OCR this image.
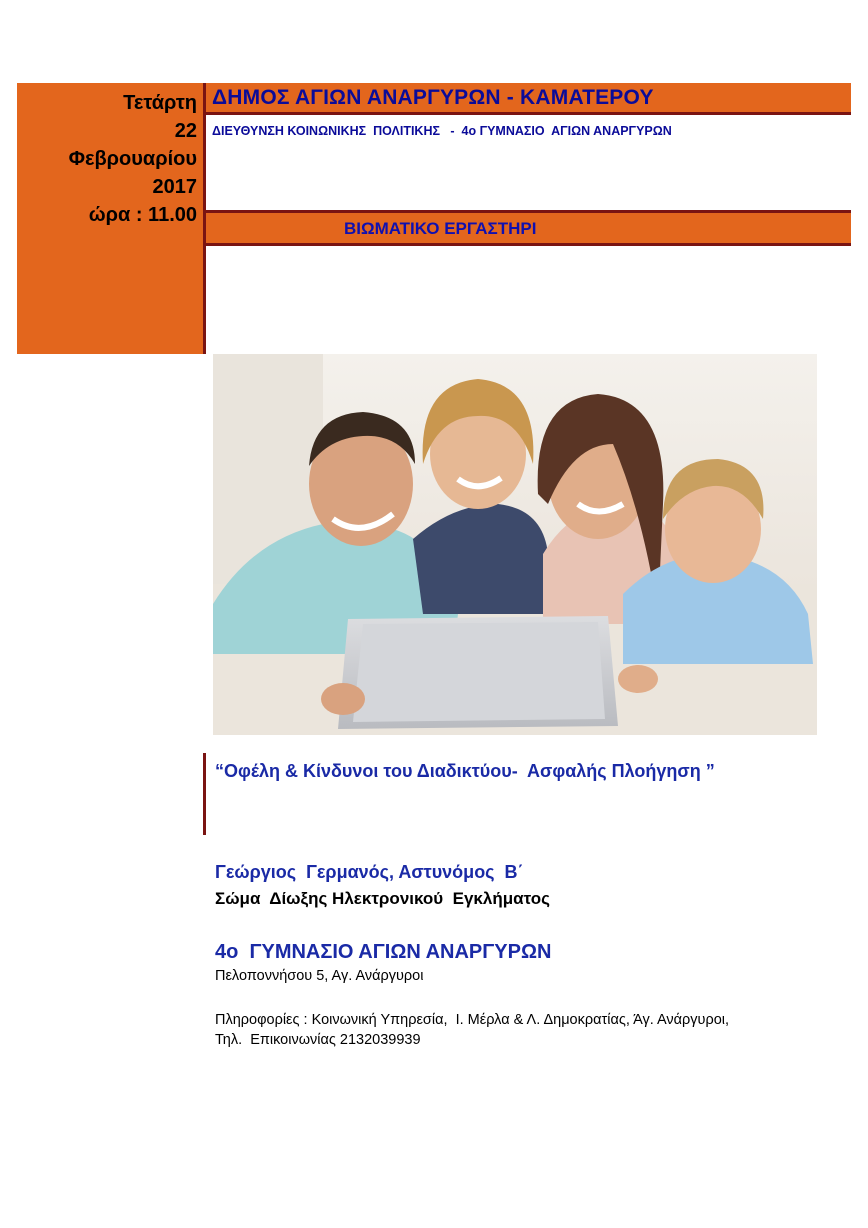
Τετάρτη
22
Φεβρουαρίου
2017
ώρα : 11.00
ΔΗΜΟΣ ΑΓΙΩΝ ΑΝΑΡΓΥΡΩΝ - ΚΑΜΑΤΕΡΟΥ
ΔΙΕΥΘΥΝΣΗ ΚΟΙΝΩΝΙΚΗΣ  ΠΟΛΙΤΙΚΗΣ   -  4ο ΓΥΜΝΑΣΙΟ  ΑΓΙΩΝ ΑΝΑΡΓΥΡΩΝ
ΒΙΩΜΑΤΙΚΟ ΕΡΓΑΣΤΗΡΙ
“Οφέλη & Κίνδυνοι του Διαδικτύου-  Ασφαλής Πλοήγηση ”
Γεώργιος  Γερμανός, Αστυνόμος  Β΄
Σώμα  Δίωξης Ηλεκτρονικού  Εγκλήματος
4ο  ΓΥΜΝΑΣΙΟ ΑΓΙΩΝ ΑΝΑΡΓΥΡΩΝ
Πελοποννήσου 5, Αγ. Ανάργυροι
Πληροφορίες : Κοινωνική Υπηρεσία,  Ι. Μέρλα & Λ. Δημοκρατίας, Άγ. Ανάργυροι,
Τηλ.  Επικοινωνίας 2132039939
